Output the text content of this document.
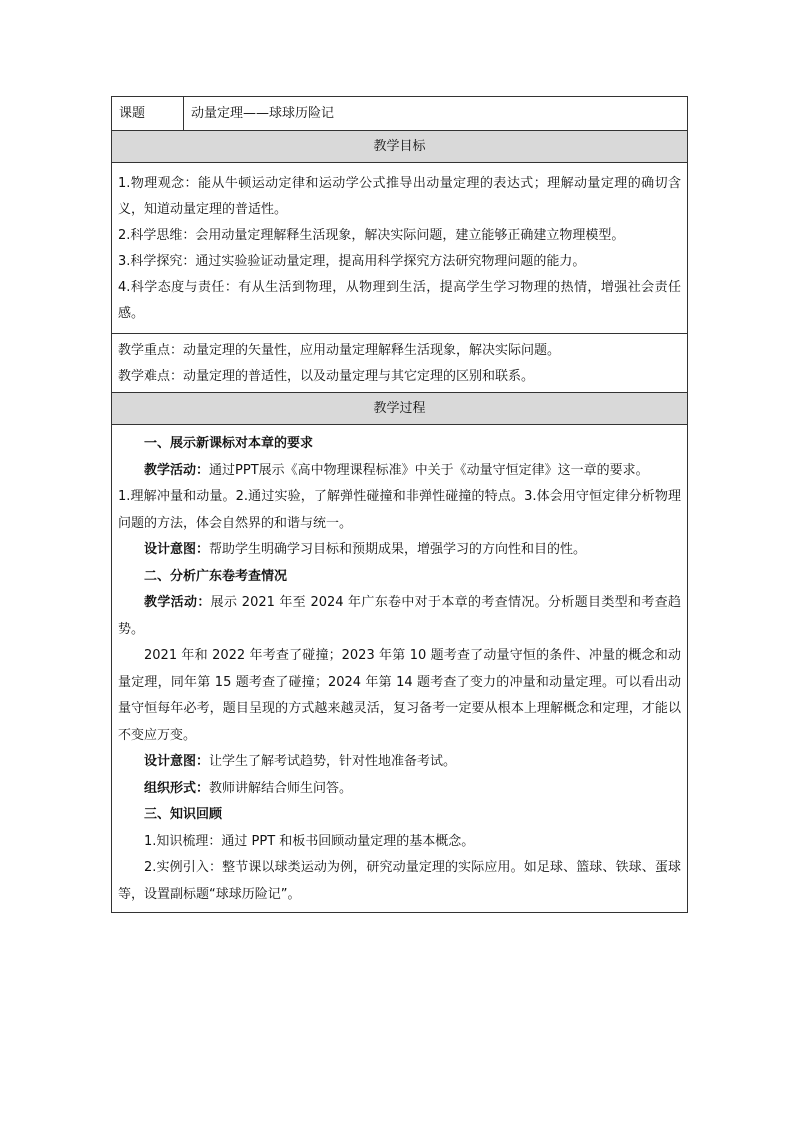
课题	动量定理——球球历险记
教学目标

1.物理观念：能从牛顿运动定律和运动学公式推导出动量定理的表达式；理解动量定理的确切含义，知道动量定理的普适性。

2.科学思维：会用动量定理解释生活现象，解决实际问题，建立能够正确建立物理模型。

3.科学探究：通过实验验证动量定理，提高用科学探究方法研究物理问题的能力。

4.科学态度与责任：有从生活到物理，从物理到生活，提高学生学习物理的热情，增强社会责任感。

教学重点：动量定理的矢量性，应用动量定理解释生活现象，解决实际问题。

教学难点：动量定理的普适性，以及动量定理与其它定理的区别和联系。

教学过程

一、展示新课标对本章的要求

教学活动：通过PPT展示《高中物理课程标准》中关于《动量守恒定律》这一章的要求。

1.理解冲量和动量。2.通过实验，了解弹性碰撞和非弹性碰撞的特点。3.体会用守恒定律分析物理问题的方法，体会自然界的和谐与统一。

设计意图：帮助学生明确学习目标和预期成果，增强学习的方向性和目的性。

二、分析广东卷考查情况

教学活动：展示 2021 年至 2024 年广东卷中对于本章的考查情况。分析题目类型和考查趋势。

2021 年和 2022 年考查了碰撞；2023 年第 10 题考查了动量守恒的条件、冲量的概念和动量定理，同年第 15 题考查了碰撞；2024 年第 14 题考查了变力的冲量和动量定理。可以看出动量守恒每年必考，题目呈现的方式越来越灵活，复习备考一定要从根本上理解概念和定理，才能以不变应万变。

设计意图：让学生了解考试趋势，针对性地准备考试。

组织形式：教师讲解结合师生问答。

三、知识回顾

1.知识梳理：通过 PPT 和板书回顾动量定理的基本概念。

2.实例引入：整节课以球类运动为例，研究动量定理的实际应用。如足球、篮球、铁球、蛋球等，设置副标题“球球历险记”。
